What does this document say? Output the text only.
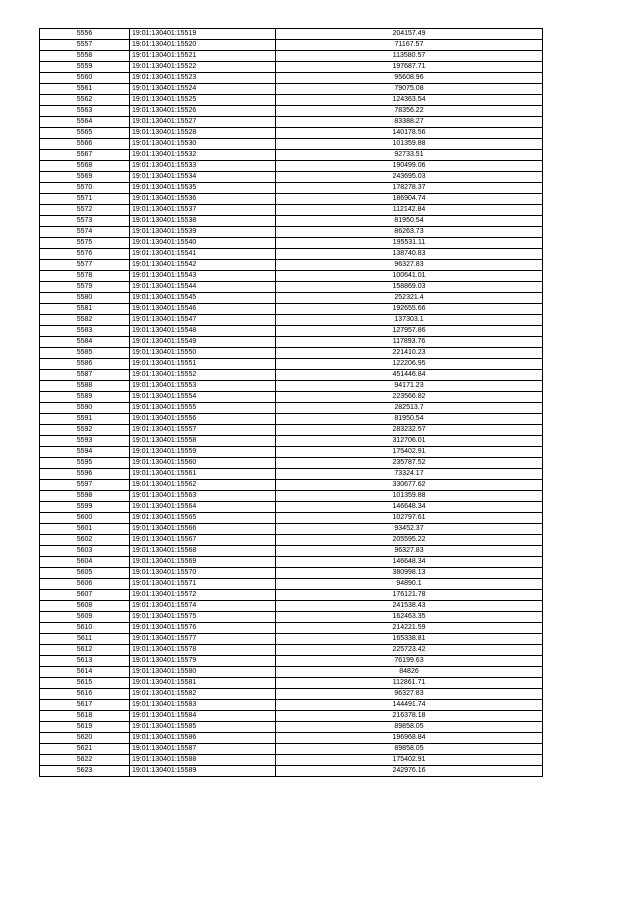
5556	19:01:130401:15519	204157.49
5557	19:01:130401:15520	71167.57
5558	19:01:130401:15521	113580.57
5559	19:01:130401:15522	197687.71
5560	19:01:130401:15523	95608.96
5561	19:01:130401:15524	79075.08
5562	19:01:130401:15525	124363.54
5563	19:01:130401:15526	78356.22
5564	19:01:130401:15527	83388.27
5565	19:01:130401:15528	140178.56
5566	19:01:130401:15530	101359.88
5567	19:01:130401:15532	92733.51
5568	19:01:130401:15533	190499.06
5569	19:01:130401:15534	243695.03
5570	19:01:130401:15535	178278.37
5571	19:01:130401:15536	186904.74
5572	19:01:130401:15537	112142.84
5573	19:01:130401:15538	81950.54
5574	19:01:130401:15539	86263.73
5575	19:01:130401:15540	195531.11
5576	19:01:130401:15541	138740.83
5577	19:01:130401:15542	96327.83
5578	19:01:130401:15543	100641.01
5579	19:01:130401:15544	158869.03
5580	19:01:130401:15545	252321.4
5581	19:01:130401:15546	192655.66
5582	19:01:130401:15547	137303.1
5583	19:01:130401:15548	127957.86
5584	19:01:130401:15549	117893.76
5585	19:01:130401:15550	221410.23
5586	19:01:130401:15551	122206.95
5587	19:01:130401:15552	451446.84
5588	19:01:130401:15553	94171.23
5589	19:01:130401:15554	223566.82
5590	19:01:130401:15555	282513.7
5591	19:01:130401:15556	81950.54
5592	19:01:130401:15557	283232.57
5593	19:01:130401:15558	312706.01
5594	19:01:130401:15559	175402.91
5595	19:01:130401:15560	235787.52
5596	19:01:130401:15561	73324.17
5597	19:01:130401:15562	330677.62
5598	19:01:130401:15563	101359.88
5599	19:01:130401:15564	146648.34
5600	19:01:130401:15565	102797.61
5601	19:01:130401:15566	93452.37
5602	19:01:130401:15567	205595.22
5603	19:01:130401:15568	96327.83
5604	19:01:130401:15569	146648.34
5605	19:01:130401:15570	380998.13
5606	19:01:130401:15571	94890.1
5607	19:01:130401:15572	176121.78
5608	19:01:130401:15574	241538.43
5609	19:01:130401:15575	162463.35
5610	19:01:130401:15576	214221.59
5611	19:01:130401:15577	165338.81
5612	19:01:130401:15578	225723.42
5613	19:01:130401:15579	76199.63
5614	19:01:130401:15580	84826
5615	19:01:130401:15581	112861.71
5616	19:01:130401:15582	96327.83
5617	19:01:130401:15583	144491.74
5618	19:01:130401:15584	216378.18
5619	19:01:130401:15585	89858.05
5620	19:01:130401:15586	196968.84
5621	19:01:130401:15587	89858.05
5622	19:01:130401:15588	175402.91
5623	19:01:130401:15589	242976.16
